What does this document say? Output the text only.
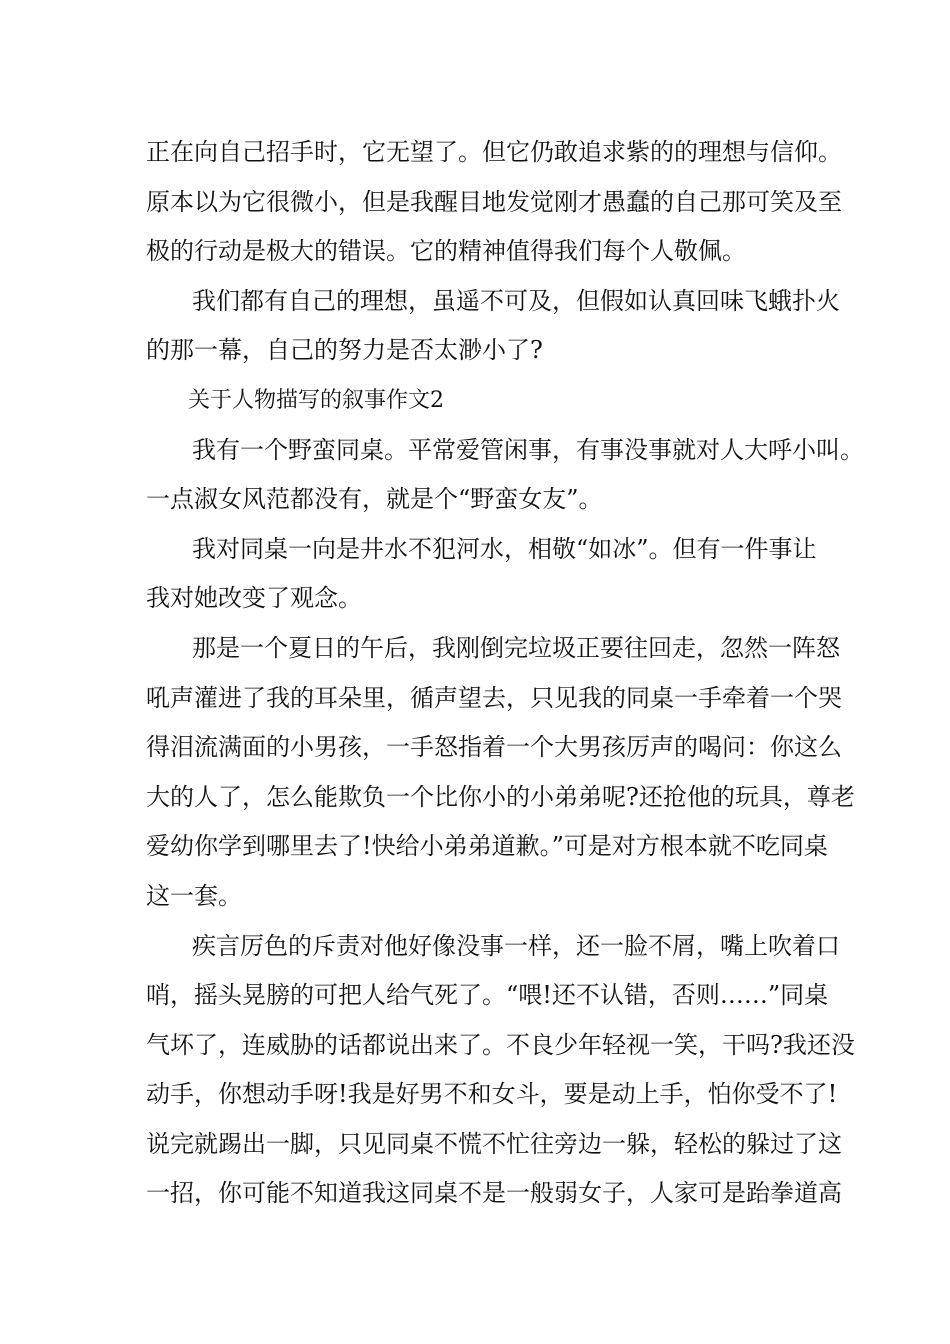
正在向自己招手时，它无望了。但它仍敢追求紫的的理想与信仰。
原本以为它很微小，但是我醒目地发觉刚才愚蠢的自己那可笑及至
极的行动是极大的错误。它的精神值得我们每个人敬佩。
我们都有自己的理想，虽遥不可及，但假如认真回味飞蛾扑火
的那一幕，自己的努力是否太渺小了?
关于人物描写的叙事作文2
我有一个野蛮同桌。平常爱管闲事，有事没事就对人大呼小叫。
一点淑女风范都没有，就是个“野蛮女友”。
我对同桌一向是井水不犯河水，相敬“如冰”。但有一件事让
我对她改变了观念。
那是一个夏日的午后，我刚倒完垃圾正要往回走，忽然一阵怒
吼声灌进了我的耳朵里，循声望去，只见我的同桌一手牵着一个哭
得泪流满面的小男孩，一手怒指着一个大男孩厉声的喝问：你这么
大的人了，怎么能欺负一个比你小的小弟弟呢?还抢他的玩具，尊老
爱幼你学到哪里去了!快给小弟弟道歉。”可是对方根本就不吃同桌
这一套。
疾言厉色的斥责对他好像没事一样，还一脸不屑，嘴上吹着口
哨，摇头晃膀的可把人给气死了。“喂!还不认错，否则……”同桌
气坏了，连威胁的话都说出来了。不良少年轻视一笑，干吗?我还没
动手，你想动手呀!我是好男不和女斗，要是动上手，怕你受不了!
说完就踢出一脚，只见同桌不慌不忙往旁边一躲，轻松的躲过了这
一招，你可能不知道我这同桌不是一般弱女子，人家可是跆拳道高
